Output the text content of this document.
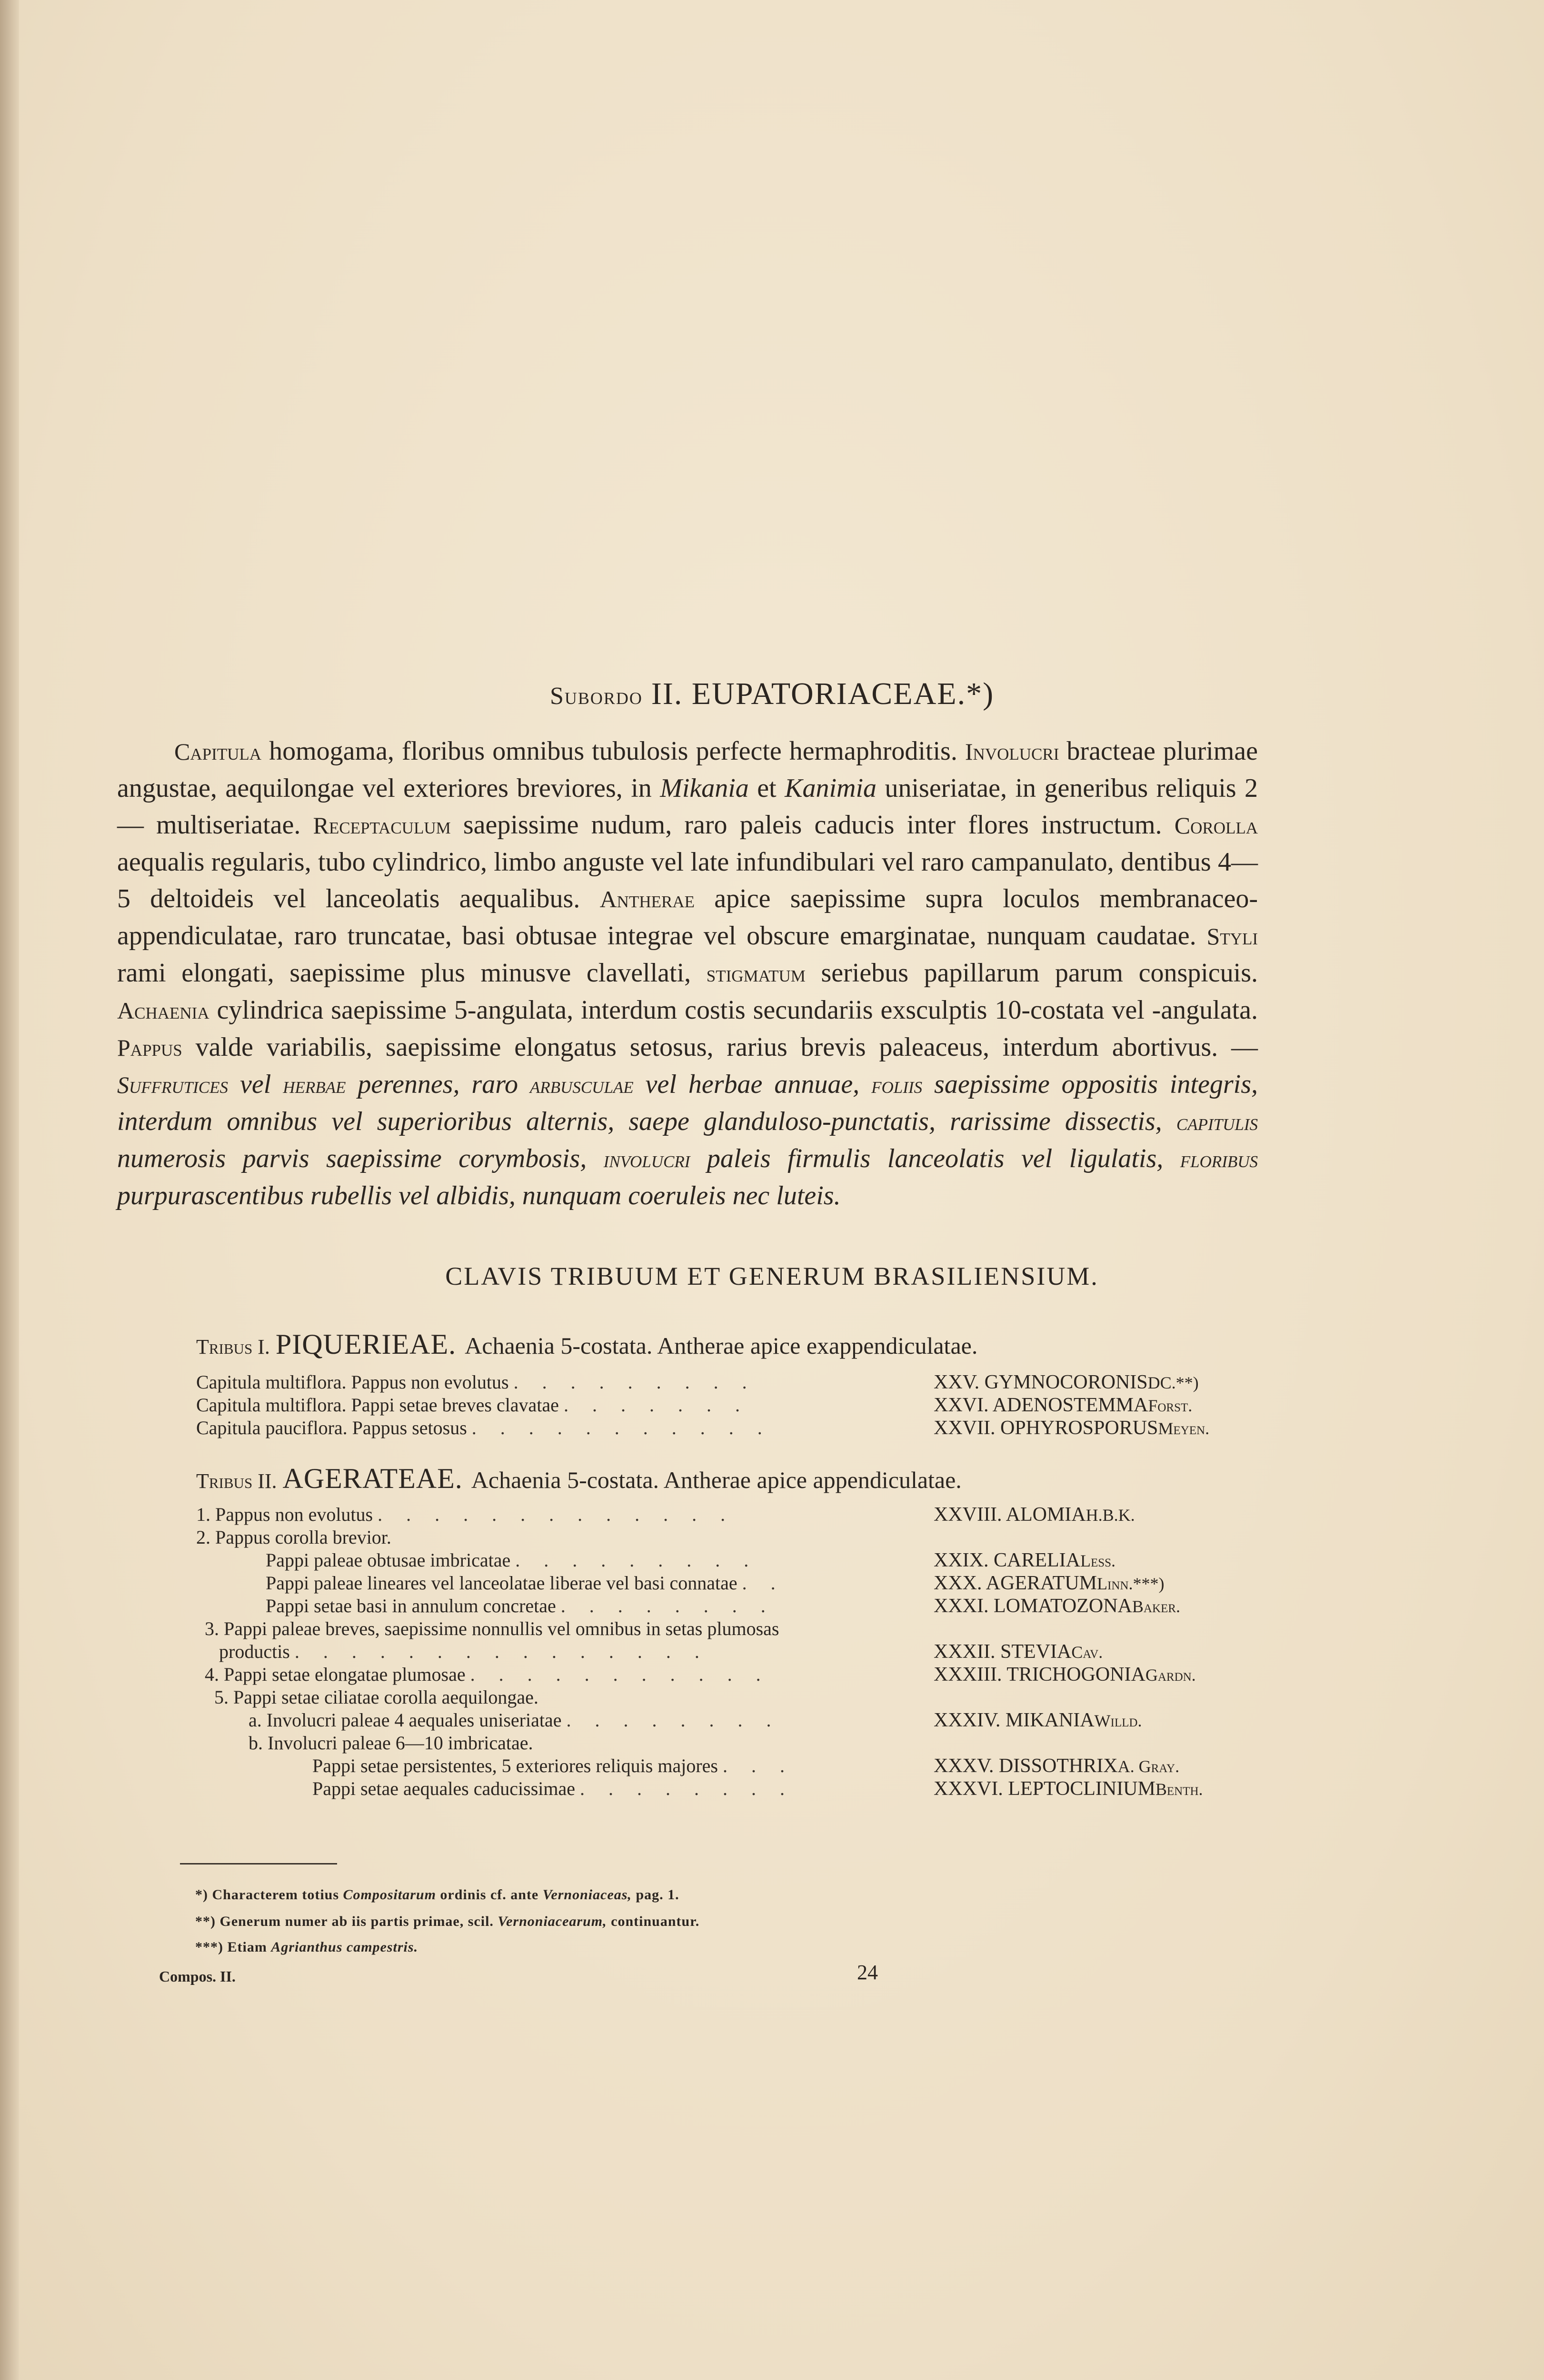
Subordo II. EUPATORIACEAE.*)
Capitula homogama, floribus omnibus tubulosis perfecte hermaphroditis. Involucri bracteae plurimae angustae, aequilongae vel exteriores breviores, in Mikania et Kanimia uniseriatae, in generibus reliquis 2 — multiseriatae. Receptaculum saepissime nudum, raro paleis caducis inter flores instructum. Corolla aequalis regularis, tubo cylindrico, limbo anguste vel late infundibulari vel raro campanulato, dentibus 4—5 deltoideis vel lanceolatis aequalibus. Antherae apice saepissime supra loculos membranaceo-appendiculatae, raro truncatae, basi obtusae integrae vel obscure emarginatae, nunquam caudatae. Styli rami elongati, saepissime plus minusve clavellati, stigmatum seriebus papillarum parum conspicuis. Achaenia cylindrica saepissime 5-angulata, interdum costis secundariis exsculptis 10-costata vel -angulata. Pappus valde variabilis, saepissime elongatus setosus, rarius brevis paleaceus, interdum abortivus. — Suffrutices vel herbae perennes, raro arbusculae vel herbae annuae, foliis saepissime oppositis integris, interdum omnibus vel superioribus alternis, saepe glanduloso-punctatis, rarissime dissectis, capitulis numerosis parvis saepissime corymbosis, involucri paleis firmulis lanceolatis vel ligulatis, floribus purpurascentibus rubellis vel albidis, nunquam coeruleis nec luteis.
CLAVIS TRIBUUM ET GENERUM BRASILIENSIUM.
Tribus I. PIQUERIEAE. Achaenia 5-costata. Antherae apice exappendiculatae.
Capitula multiflora. Pappus non evolutus . . . . . . . . .	XXV. GYMNOCORONIS DC. **)
Capitula multiflora. Pappi setae breves clavatae . . . . . . .	XXVI. ADENOSTEMMA Forst.
Capitula pauciflora. Pappus setosus . . . . . . . . . . .	XXVII. OPHYROSPORUS Meyen.
Tribus II. AGERATEAE. Achaenia 5-costata. Antherae apice appendiculatae.
1. Pappus non evolutus . . . . . . . . . . . . .	XXVIII. ALOMIA H.B.K.
2. Pappus corolla brevior.
Pappi paleae obtusae imbricatae . . . . . . . . .	XXIX. CARELIA Less.
Pappi paleae lineares vel lanceolatae liberae vel basi connatae . .	XXX. AGERATUM Linn. ***)
Pappi setae basi in annulum concretae . . . . . . . .	XXXI. LOMATOZONA Baker.
3. Pappi paleae breves, saepissime nonnullis vel omnibus in setas plumosas
productis . . . . . . . . . . . . . . .	XXXII. STEVIA Cav.
4. Pappi setae elongatae plumosae . . . . . . . . . . .	XXXIII. TRICHOGONIA Gardn.
5. Pappi setae ciliatae corolla aequilongae.
a. Involucri paleae 4 aequales uniseriatae . . . . . . . .	XXXIV. MIKANIA Willd.
b. Involucri paleae 6—10 imbricatae.
Pappi setae persistentes, 5 exteriores reliquis majores . . .	XXXV. DISSOTHRIX A. Gray.
Pappi setae aequales caducissimae . . . . . . . .	XXXVI. LEPTOCLINIUM Benth.
*) Characterem totius Compositarum ordinis cf. ante Vernoniaceas, pag. 1.
**) Generum numer ab iis partis primae, scil. Vernoniacearum, continuantur.
***) Etiam Agrianthus campestris.
Compos. II.	24
